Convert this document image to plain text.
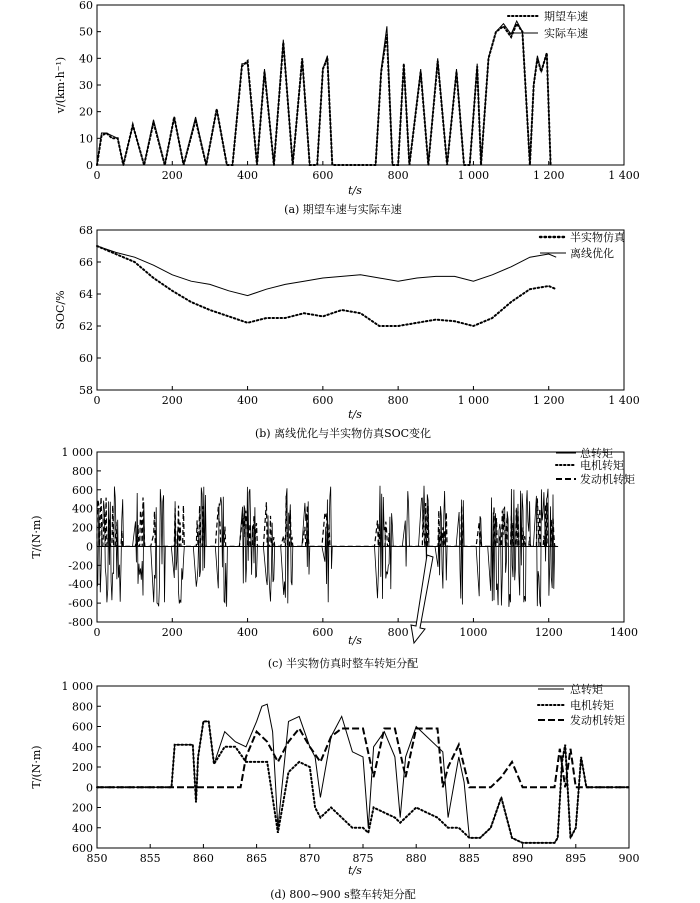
0	200	400	600	800	1 000	1 200	1 400
0
10
20
30
40
50
60
t/s
v/(km·h⁻¹)
(a) 期望车速与实际车速
期望车速
实际车速
0	200	400	600	800	1 000	1 200	1 400
58
60
62
64
66
68
t/s
SOC/%
(b) 离线优化与半实物仿真SOC变化
半实物仿真
离线优化
0	200	400	600	800	1000	1200	1400
-800
-600
-400
-200
0
200
400
600
800
1 000
t/s
T/(N·m)
(c) 半实物仿真时整车转矩分配
总转矩
电机转矩
发动机转矩
850	855	860	865	870	875	880	885	890	895	900
600
400
200
0
200
400
600
800
1 000
t/s
T/(N·m)
(d) 800~900 s整车转矩分配
总转矩
电机转矩
发动机转矩
